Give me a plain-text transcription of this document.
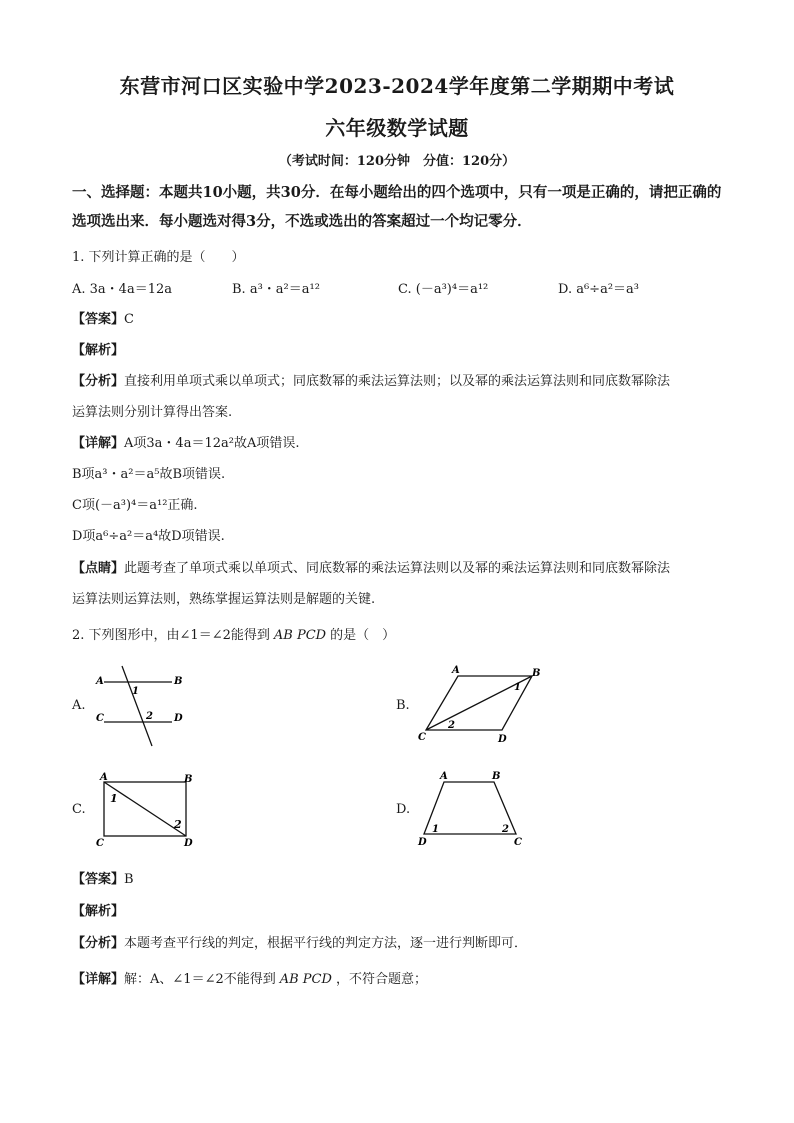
东营市河口区实验中学2023-2024学年度第二学期期中考试
六年级数学试题
（考试时间：120分钟　分值：120分）
一、选择题：本题共10小题，共30分．在每小题给出的四个选项中，只有一项是正确的，请把正确的选项选出来．每小题选对得3分，不选或选出的答案超过一个均记零分．
1. 下列计算正确的是（　　）
A. 3a・4a＝12a	B. a³・a²＝a¹²	C. (－a³)⁴＝a¹²	D. a⁶÷a²＝a³
【答案】C
【解析】
【分析】直接利用单项式乘以单项式；同底数幂的乘法运算法则；以及幂的乘法运算法则和同底数幂除法
运算法则分别计算得出答案.
【详解】A项3a・4a＝12a²故A项错误.
B项a³・a²＝a⁵故B项错误.
C项(－a³)⁴＝a¹²正确.
D项a⁶÷a²＝a⁴故D项错误.
【点睛】此题考查了单项式乘以单项式、同底数幂的乘法运算法则以及幂的乘法运算法则和同底数幂除法
运算法则运算法则，熟练掌握运算法则是解题的关键.
2. 下列图形中，由∠1＝∠2能得到 AB PCD 的是（　）
A.
A	B
C	D
1
2
B.
A	B
C	D
1
2
C.
A	B
C	D
1
2
D.
A	B
D	C
1	2
【答案】B
【解析】
【分析】本题考查平行线的判定，根据平行线的判定方法，逐一进行判断即可．
【详解】解：A、∠1＝∠2不能得到 AB PCD ，不符合题意；
